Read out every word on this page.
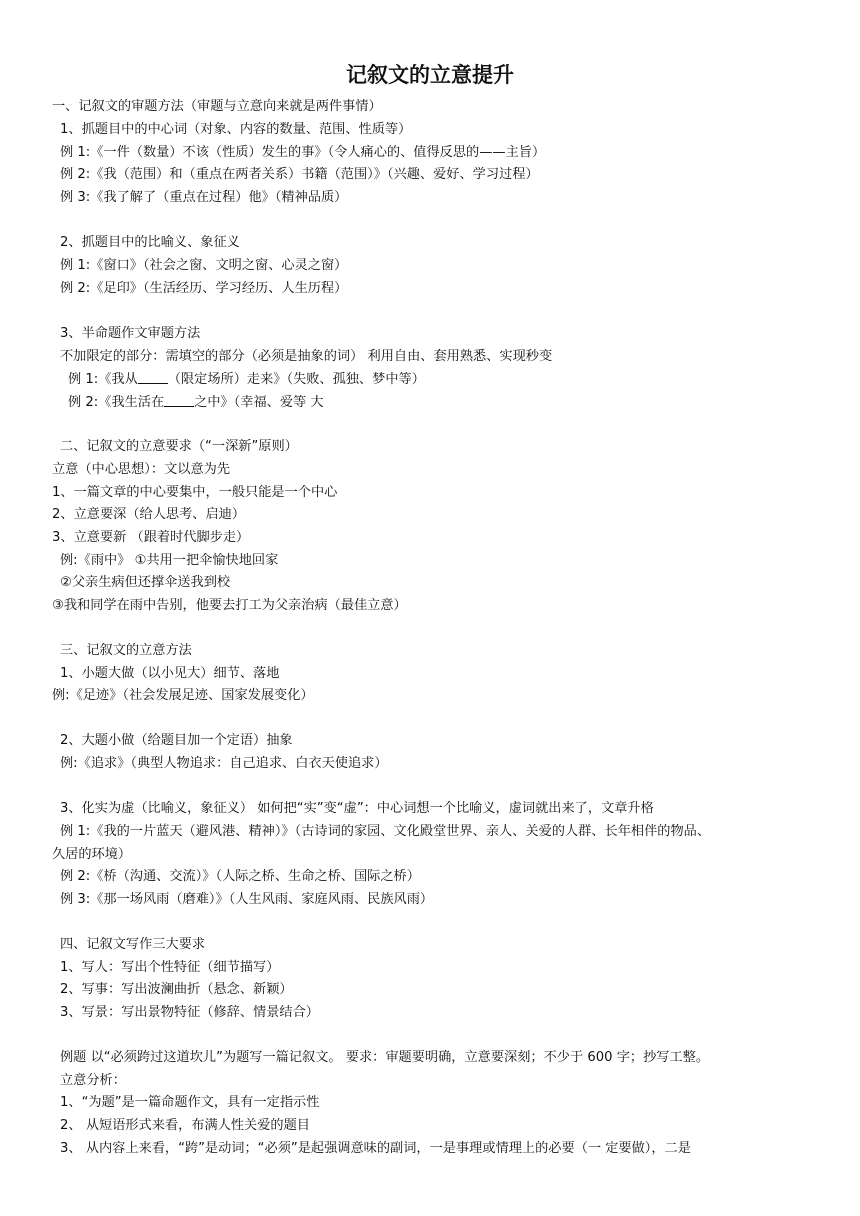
记叙文的立意提升
一、记叙文的审题方法（审题与立意向来就是两件事情）
1、抓题目中的中心词（对象、内容的数量、范围、性质等）
例 1:《一件（数量）不该（性质）发生的事》（令人痛心的、值得反思的——主旨）
例 2:《我（范围）和（重点在两者关系）书籍（范围）》（兴趣、爱好、学习过程）
例 3:《我了解了（重点在过程）他》（精神品质）
2、抓题目中的比喻义、象征义
例 1:《窗口》（社会之窗、文明之窗、心灵之窗）
例 2:《足印》（生活经历、学习经历、人生历程）
3、半命题作文审题方法
不加限定的部分：需填空的部分（必须是抽象的词） 利用自由、套用熟悉、实现秒变
例 1:《我从 （限定场所）走来》（失败、孤独、梦中等）
例 2:《我生活在 之中》（幸福、爱等 大
二、记叙文的立意要求（“一深新”原则）
立意（中心思想）：文以意为先
1、一篇文章的中心要集中，一般只能是一个中心
2、立意要深（给人思考、启迪）
3、立意要新 （跟着时代脚步走）
例:《雨中》 ①共用一把伞愉快地回家
②父亲生病但还撑伞送我到校
③我和同学在雨中告别，他要去打工为父亲治病（最佳立意）
三、记叙文的立意方法
1、小题大做（以小见大）细节、落地
例:《足迹》（社会发展足迹、国家发展变化）
2、大题小做（给题目加一个定语）抽象
例:《追求》（典型人物追求：自己追求、白衣天使追求）
3、化实为虚（比喻义，象征义） 如何把“实”变“虚”：中心词想一个比喻义，虚词就出来了，文章升格
例 1:《我的一片蓝天（避风港、精神）》（古诗词的家园、文化殿堂世界、亲人、关爱的人群、长年相伴的物品、
久居的环境）
例 2:《桥（沟通、交流）》（人际之桥、生命之桥、国际之桥）
例 3:《那一场风雨（磨难）》（人生风雨、家庭风雨、民族风雨）
四、记叙文写作三大要求
1、写人：写出个性特征（细节描写）
2、写事：写出波澜曲折（悬念、新颖）
3、写景：写出景物特征（修辞、情景结合）
例题 以“必须跨过这道坎儿”为题写一篇记叙文。 要求：审题要明确，立意要深刻；不少于 600 字；抄写工整。
立意分析：
1、“为题”是一篇命题作文，具有一定指示性
2、 从短语形式来看，布满人性关爱的题目
3、 从内容上来看，“跨”是动词；“必须”是起强调意味的副词，一是事理或情理上的必要（一 定要做），二是
